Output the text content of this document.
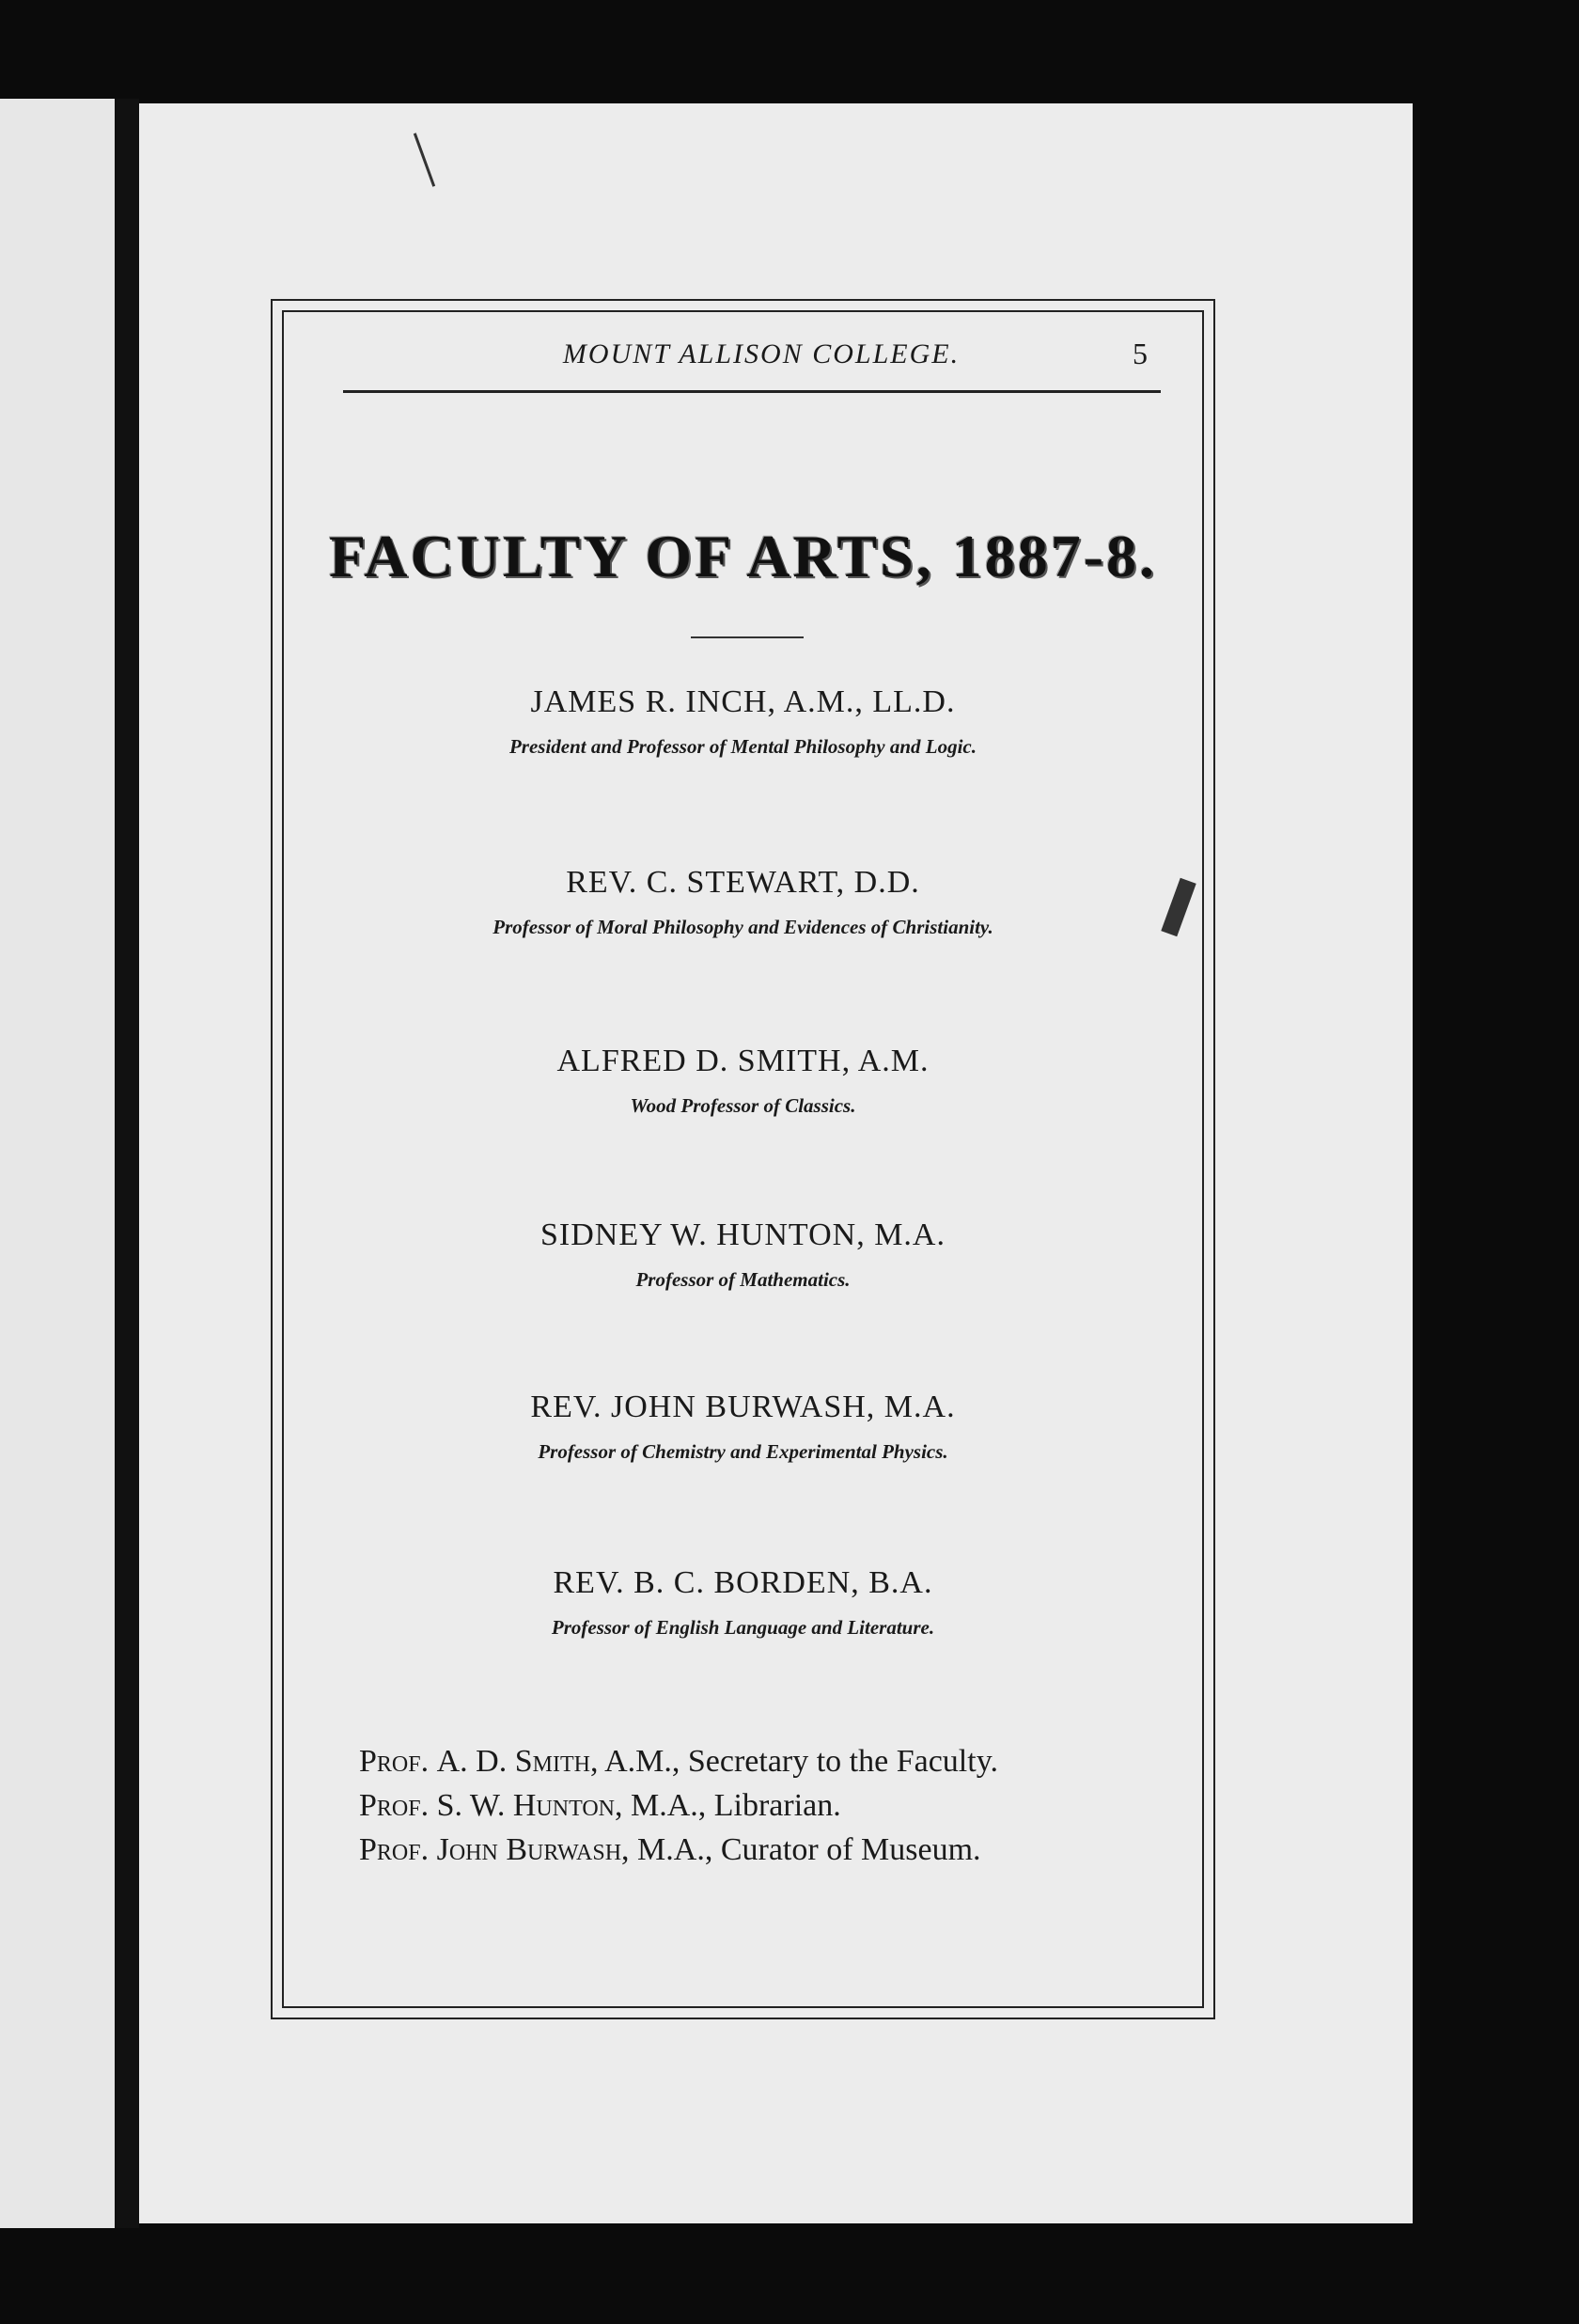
MOUNT ALLISON COLLEGE.	5
FACULTY OF ARTS, 1887-8.
JAMES R. INCH, A.M., LL.D.
President and Professor of Mental Philosophy and Logic.
REV. C. STEWART, D.D.
Professor of Moral Philosophy and Evidences of Christianity.
ALFRED D. SMITH, A.M.
Wood Professor of Classics.
SIDNEY W. HUNTON, M.A.
Professor of Mathematics.
REV. JOHN BURWASH, M.A.
Professor of Chemistry and Experimental Physics.
REV. B. C. BORDEN, B.A.
Professor of English Language and Literature.
Prof. A. D. Smith, A.M., Secretary to the Faculty.
Prof. S. W. Hunton, M.A., Librarian.
Prof. John Burwash, M.A., Curator of Museum.
